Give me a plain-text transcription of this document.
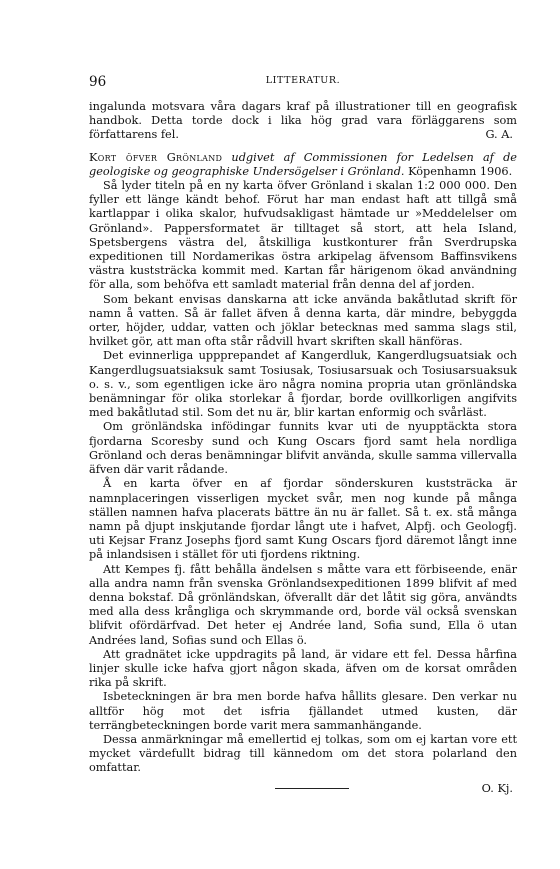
96	LITTERATUR.

ingalunda motsvara våra dagars kraf på illustrationer till en geografisk handbok. Detta torde dock i lika hög grad vara förläggarens som författarens fel.	G. A.

Kort öfver Grönland udgivet af Commissionen for Ledelsen af de geologiske og geographiske Undersögelser i Grönland. Köpenhamn 1906.

Så lyder titeln på en ny karta öfver Grönland i skalan 1:2 000 000. Den fyller ett länge kändt behof. Förut har man endast haft att tillgå små kartlappar i olika skalor, hufvudsakligast hämtade ur »Meddelelser om Grönland». Pappersformatet är tilltaget så stort, att hela Island, Spetsbergens västra del, åtskilliga kustkonturer från Sverdrupska expeditionen till Nordamerikas östra arkipelag äfvensom Baffinsvikens västra kuststräcka kommit med. Kartan får härigenom ökad användning för alla, som behöfva ett samladt material från denna del af jorden.

Som bekant envisas danskarna att icke använda bakåtlutad skrift för namn å vatten. Så är fallet äfven å denna karta, där mindre, bebyggda orter, höjder, uddar, vatten och jöklar betecknas med samma slags stil, hvilket gör, att man ofta står rådvill hvart skriften skall hänföras.

Det evinnerliga uppprepandet af Kangerdluk, Kangerdlugsuatsiak och Kangerdlugsuatsiaksuk samt Tosiusak, Tosiusarsuak och Tosiusarsuaksuk o. s. v., som egentligen icke äro några nomina propria utan grönländska benämningar för olika storlekar å fjordar, borde ovillkorligen angifvits med bakåtlutad stil. Som det nu är, blir kartan enformig och svårläst.

Om grönländska infödingar funnits kvar uti de nyupptäckta stora fjordarna Scoresby sund och Kung Oscars fjord samt hela nordliga Grönland och deras benämningar blifvit använda, skulle samma villervalla äfven där varit rådande.

Å en karta öfver en af fjordar sönderskuren kuststräcka är namnplaceringen visserligen mycket svår, men nog kunde på många ställen namnen hafva placerats bättre än nu är fallet. Så t. ex. stå många namn på djupt inskjutande fjordar långt ute i hafvet, Alpfj. och Geologfj. uti Kejsar Franz Josephs fjord samt Kung Oscars fjord däremot långt inne på inlandsisen i stället för uti fjordens riktning.

Att Kempes fj. fått behålla ändelsen s måtte vara ett förbiseende, enär alla andra namn från svenska Grönlandsexpeditionen 1899 blifvit af med denna bokstaf. Då grönländskan, öfverallt där det låtit sig göra, användts med alla dess krångliga och skrymmande ord, borde väl också svenskan blifvit ofördärfvad. Det heter ej Andrée land, Sofia sund, Ella ö utan Andrées land, Sofias sund och Ellas ö.

Att gradnätet icke uppdragits på land, är vidare ett fel. Dessa hårfina linjer skulle icke hafva gjort någon skada, äfven om de korsat områden rika på skrift.

Isbeteckningen är bra men borde hafva hållits glesare. Den verkar nu alltför hög mot det isfria fjällandet utmed kusten, där terrängbeteckningen borde varit mera sammanhängande.

Dessa anmärkningar må emellertid ej tolkas, som om ej kartan vore ett mycket värdefullt bidrag till kännedom om det stora polarland den omfattar.

O. Kj.
